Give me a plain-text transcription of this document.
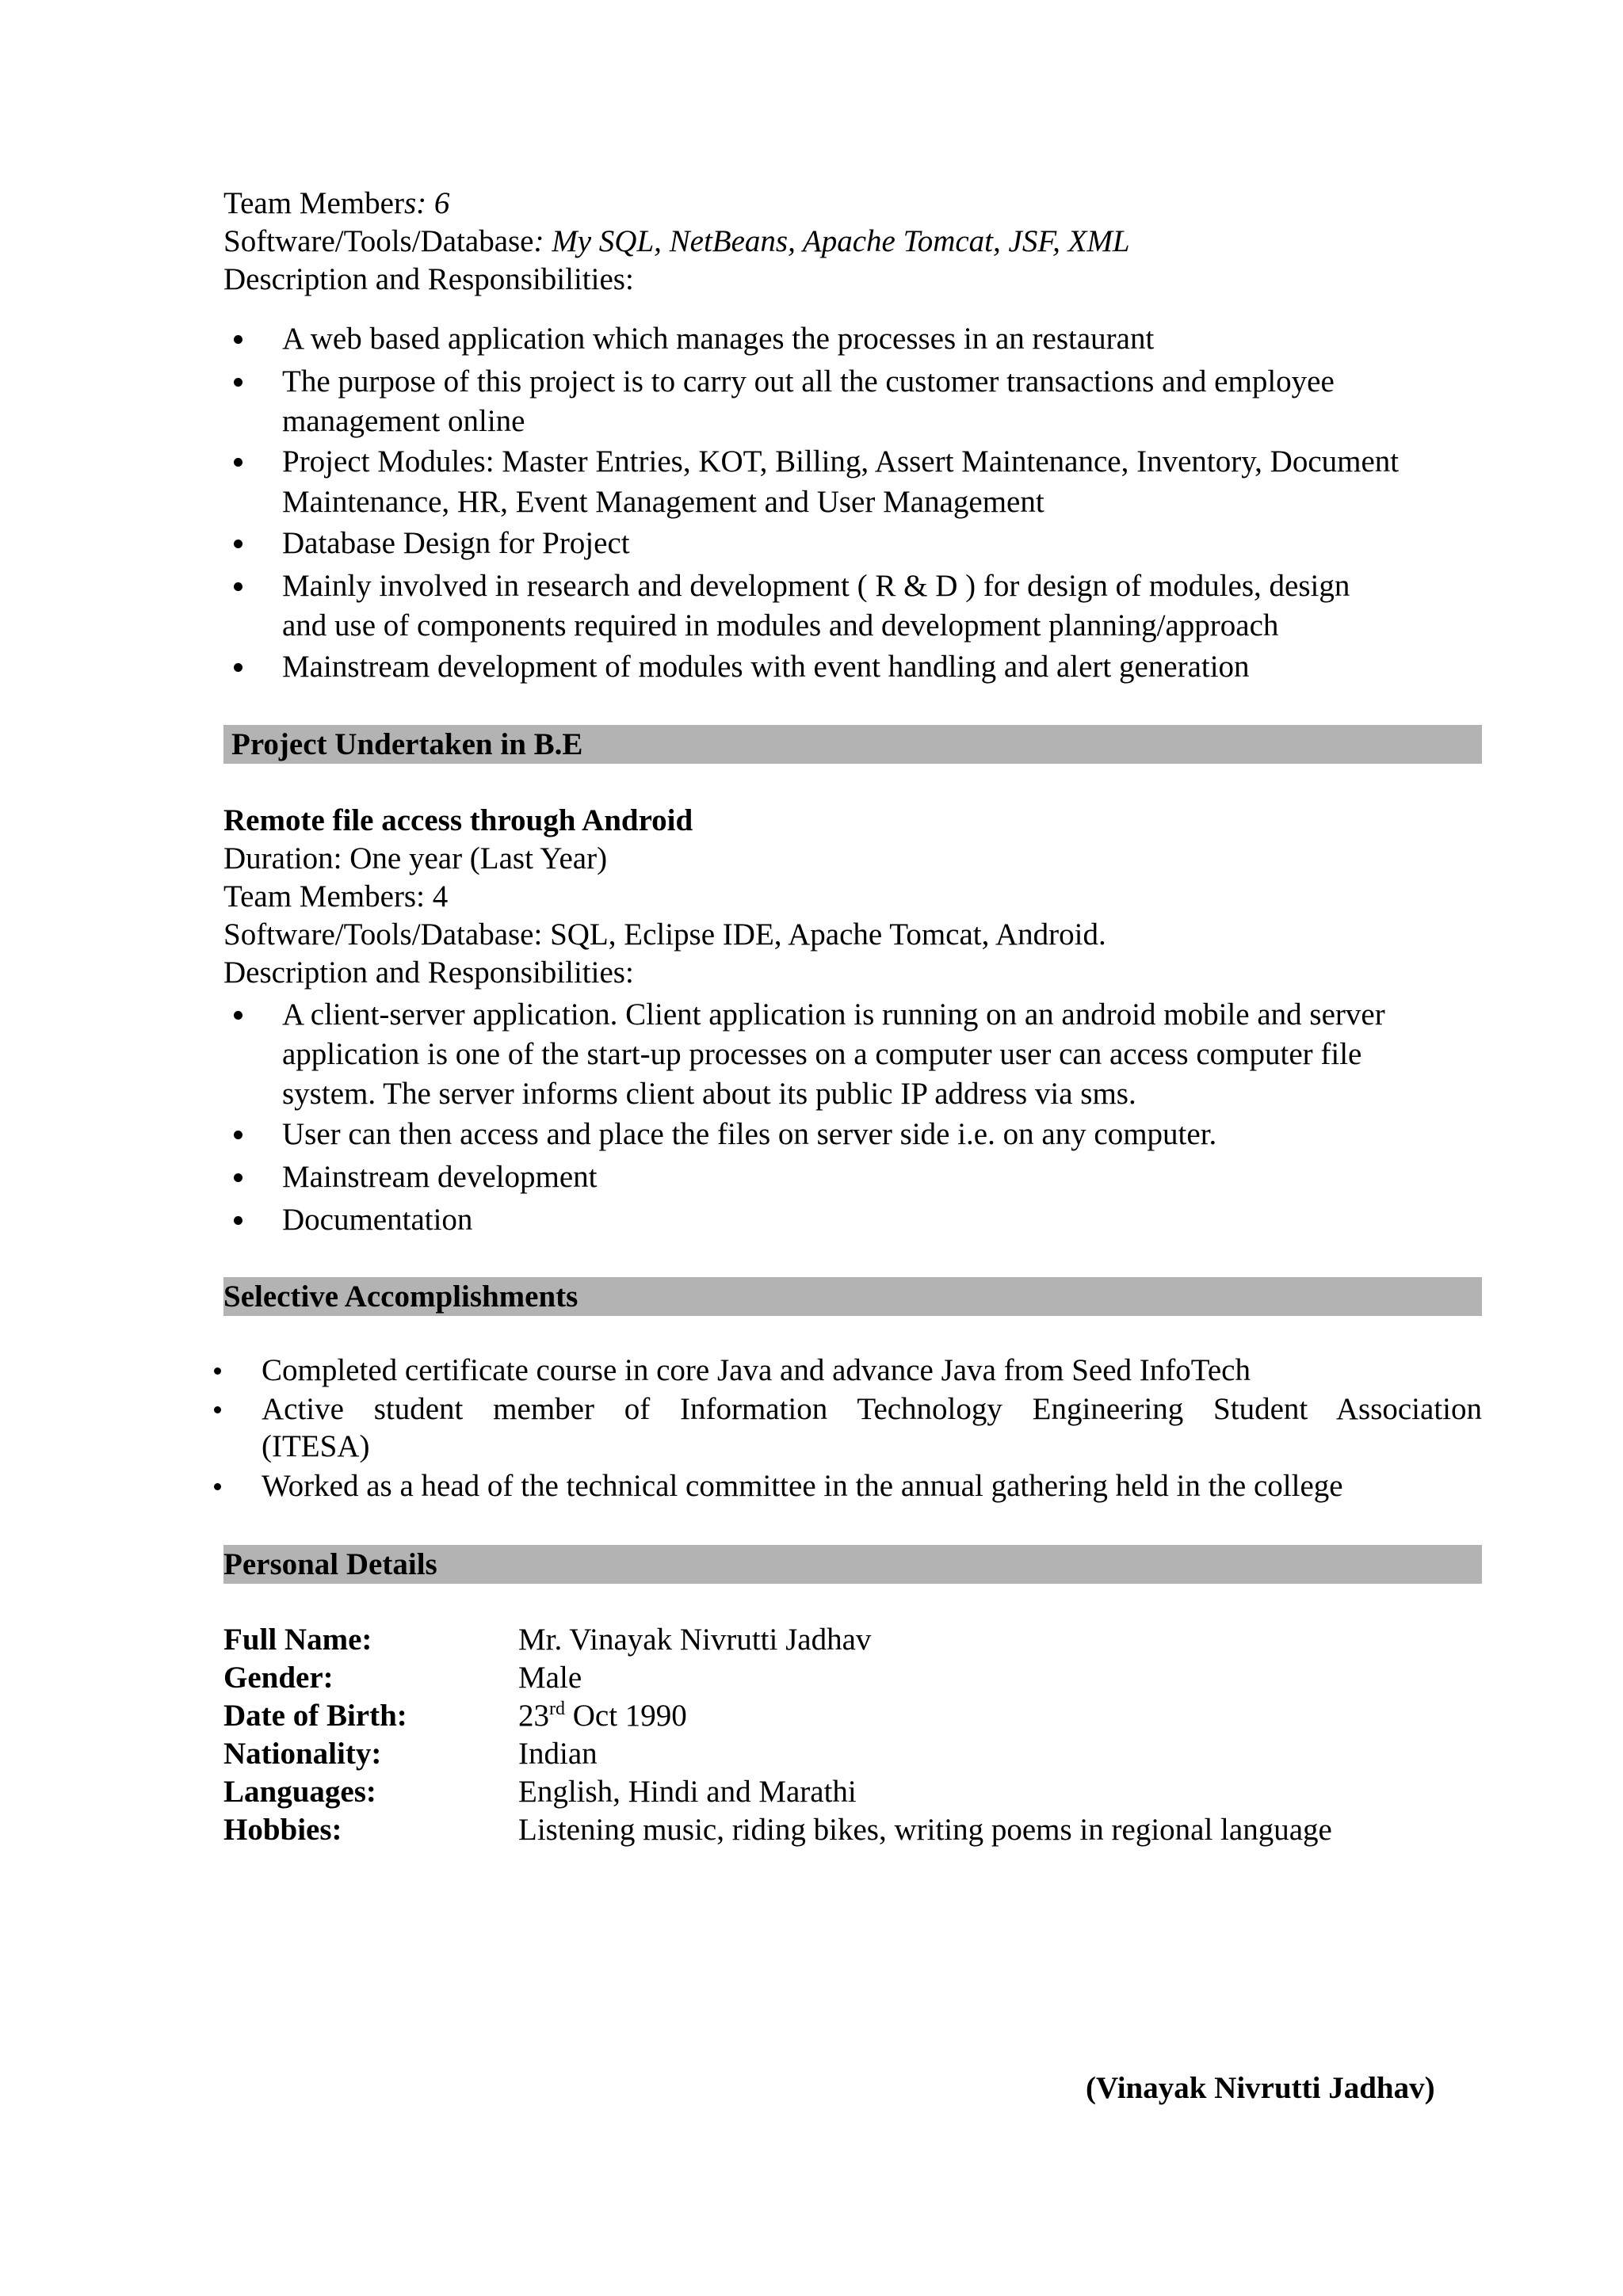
Team Members: 6
Software/Tools/Database: My SQL, NetBeans, Apache Tomcat, JSF, XML
Description and Responsibilities:
A web based application which manages the processes in an restaurant
The purpose of this project is to carry out all the customer transactions and employee
management online
Project Modules: Master Entries, KOT, Billing, Assert Maintenance, Inventory, Document
Maintenance, HR, Event Management and User Management
Database Design for Project
Mainly involved in research and development ( R & D ) for design of modules, design
and use of components required in modules and development planning/approach
Mainstream development of modules with event handling and alert generation
Project Undertaken in B.E
Remote file access through Android
Duration: One year (Last Year)
Team Members: 4
Software/Tools/Database: SQL, Eclipse IDE, Apache Tomcat, Android.
Description and Responsibilities:
A client-server application. Client application is running on an android mobile and server
application is one of the start-up processes on a computer user can access computer file
system. The server informs client about its public IP address via sms.
User can then access and place the files on server side i.e. on any computer.
Mainstream development
Documentation
Selective Accomplishments
Completed certificate course in core Java and advance Java from Seed InfoTech
Active student member of Information Technology Engineering Student Association
(ITESA)
Worked as a head of the technical committee in the annual gathering held in the college
Personal Details
Full Name:	Mr. Vinayak Nivrutti Jadhav
Gender:	Male
Date of Birth:	23rd Oct 1990
Nationality:	Indian
Languages:	English, Hindi and Marathi
Hobbies:	Listening music, riding bikes, writing poems in regional language
(Vinayak Nivrutti Jadhav)
